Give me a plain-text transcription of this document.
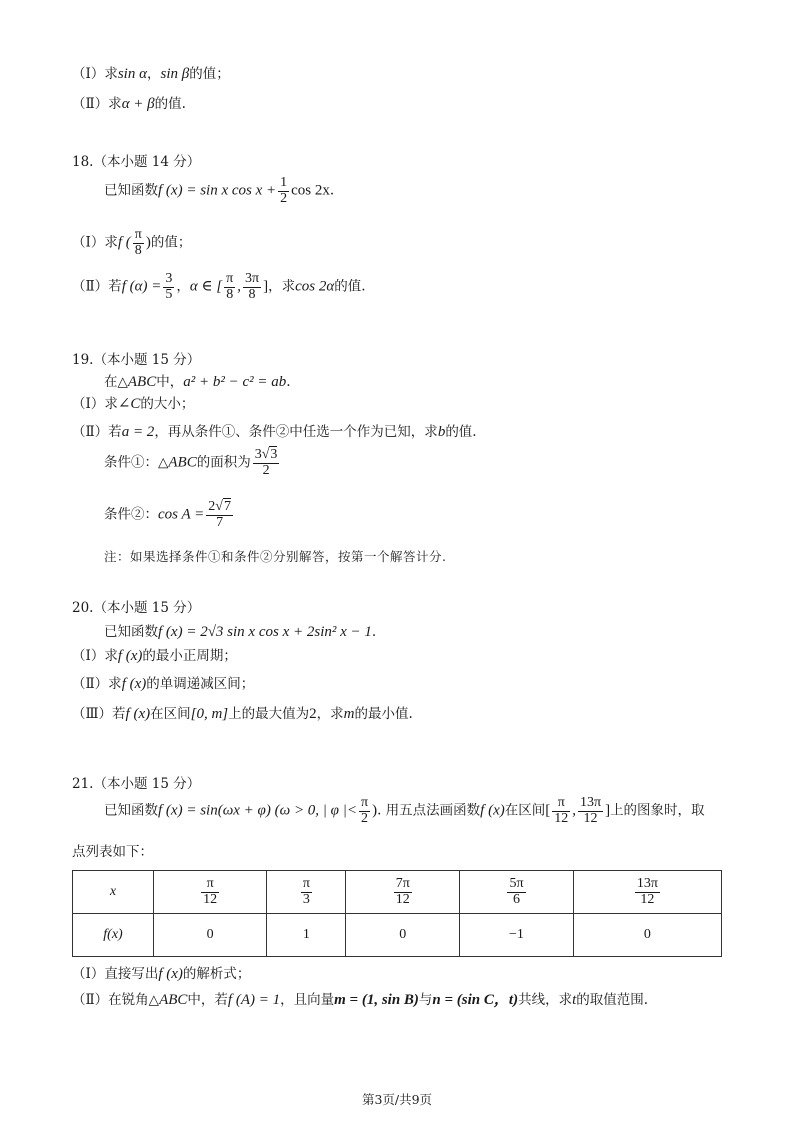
（Ⅰ）求sin α，sin β的值；
（Ⅱ）求α + β的值.
18.（本小题 14 分）
已知函数f (x) = sin x $\cos x + \frac{1}{2}$ cos 2x.
（Ⅰ）求f ( $\frac{\pi}{8}$ )的值；
（Ⅱ）若f $(\alpha) = \frac{3}{5}$ ，α ∈ [ $\frac{\pi}{8}$ , $\frac{3\pi}{8}$ ]，求cos 2α的值.
19.（本小题 15 分）
在△ABC中，a² + b² − c² = ab.
（Ⅰ）求∠C的大小；
（Ⅱ）若a = 2，再从条件①、条件②中任选一个作为已知，求b的值.
条件①：△ABC的面积为 $\frac{3√3}{2}$
条件②：$\cos A = \frac{2√7}{7}$
注：如果选择条件①和条件②分别解答，按第一个解答计分.
20.（本小题 15 分）
已知函数f (x) = 2√3 sin x cos x + 2sin² x − 1.
（Ⅰ）求f (x)的最小正周期；
（Ⅱ）求f (x)的单调递减区间；
（Ⅲ）若f (x)在区间[0, m]上的最大值为2，求m的最小值.
21.（本小题 15 分）
已知函数f (x) = sin(ωx + φ) (ω > 0, | φ |< $\frac{\pi}{2}$ ). 用五点法画函数f (x)在区间[ $\frac{\pi}{12}$ , $\frac{13\pi}{12}$ ]上的图象时，取
点列表如下：
x	$\frac{\pi}{12}$	$\frac{\pi}{3}$	$\frac{7\pi}{12}$	$\frac{5\pi}{6}$	$\frac{13\pi}{12}$

f(x)	0	1	0	−1	0
（Ⅰ）直接写出f (x)的解析式；
（Ⅱ）在锐角△ABC中，若f (A) = 1，且向量m = (1, sin B)与n = (sin C，t)共线，求t的取值范围.
第3页/共9页
